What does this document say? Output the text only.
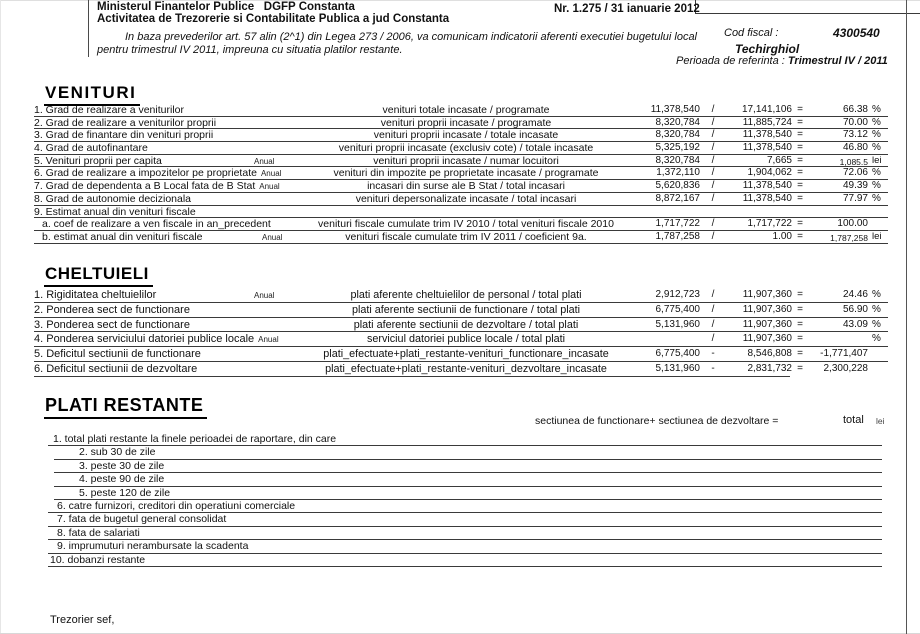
Ministerul Finantelor Publice   DGFP Constanta
Activitatea de Trezorerie si Contabilitate Publica a jud Constanta
Nr. 1.275 / 31 ianuarie 2012
Cod fiscal :	4300540
In baza prevederilor art. 57 alin (2^1) din Legea 273 / 2006, va comunicam indicatorii aferenti executiei bugetului local
pentru trimestrul IV 2011, impreuna cu situatia platilor restante.	Techirghiol
Perioada de referinta : Trimestrul IV / 2011
VENITURI
1. Grad de realizare a veniturilor	venituri totale incasate / programate	11,378,540	/	17,141,106 =	66.38 %
2. Grad de realizare a veniturilor proprii	venituri proprii incasate / programate	8,320,784	/	11,885,724 =	70.00 %
3. Grad de finantare din venituri proprii	venituri proprii incasate / totale incasate	8,320,784	/	11,378,540 =	73.12 %
4. Grad de autofinantare	venituri proprii incasate (exclusiv cote) / totale incasate	5,325,192	/	11,378,540 =	46.80 %
5. Venituri proprii per capita	Anual	venituri proprii incasate / numar locuitori	8,320,784	/	7,665 =	1,085.5 lei
6. Grad de realizare a impozitelor pe proprietate Anual	venituri din impozite pe proprietate incasate / programate	1,372,110	/	1,904,062 =	72.06 %
7. Grad de dependenta a B Local fata de B Stat Anual	incasari din surse ale B Stat / total incasari	5,620,836	/	11,378,540 =	49.39 %
8. Grad de autonomie decizionala	venituri depersonalizate incasate / total incasari	8,872,167	/	11,378,540 =	77.97 %
9. Estimat anual din venituri fiscale
a. coef de realizare a ven fiscale in an_precedent	venituri fiscale cumulate trim IV 2010 / total venituri fiscale 2010	1,717,722	/	1,717,722 =	100.00
b. estimat anual din venituri fiscale	Anual	venituri fiscale cumulate trim IV 2011 / coeficient 9a.	1,787,258	/	1.00 =	1,787,258 lei
CHELTUIELI
1. Rigiditatea cheltuielilor	Anual	plati aferente cheltuielilor de personal / total plati	2,912,723	/	11,907,360 =	24.46 %
2. Ponderea sect de functionare	plati aferente sectiunii de functionare / total plati	6,775,400	/	11,907,360 =	56.90 %
3. Ponderea sect de functionare	plati aferente sectiunii de dezvoltare / total plati	5,131,960	/	11,907,360 =	43.09 %
4. Ponderea serviciului datoriei publice locale Anual	serviciul datoriei publice locale / total plati	/	11,907,360 =	%
5. Deficitul sectiunii de functionare	plati_efectuate+plati_restante-venituri_functionare_incasate	6,775,400	-	8,546,808 =	-1,771,407
6. Deficitul sectiunii de dezvoltare	plati_efectuate+plati_restante-venituri_dezvoltare_incasate	5,131,960	-	2,831,732 =	2,300,228
PLATI RESTANTE
sectiunea de functionare+ sectiunea de dezvoltare =	total lei
1. total plati restante la finele perioadei de raportare, din care
2. sub 30 de zile
3. peste 30 de zile
4. peste 90 de zile
5. peste 120 de zile
6. catre furnizori, creditori din operatiuni comerciale
7. fata de bugetul general consolidat
8. fata de salariati
9. imprumuturi nerambursate la scadenta
10. dobanzi restante
Trezorier sef,
